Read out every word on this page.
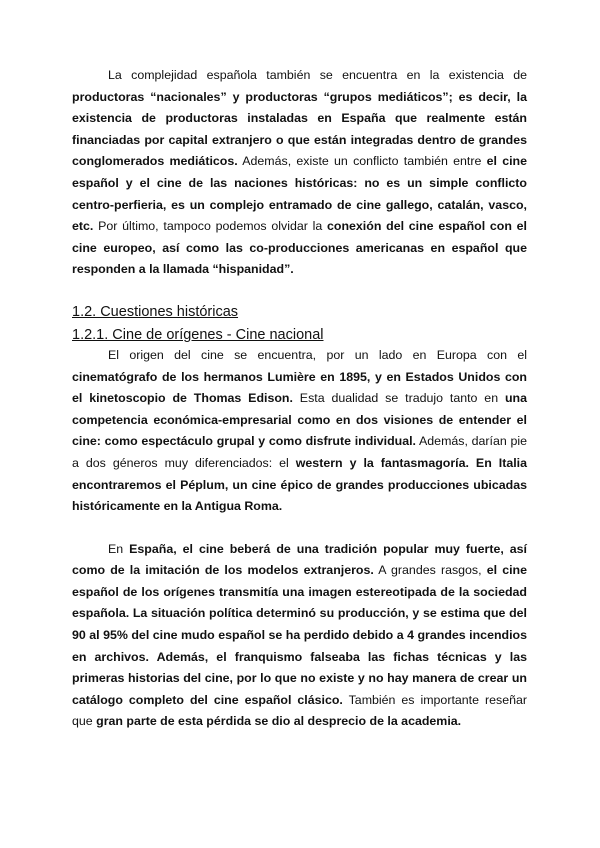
La complejidad española también se encuentra en la existencia de productoras “nacionales” y productoras “grupos mediáticos”; es decir, la existencia de productoras instaladas en España que realmente están financiadas por capital extranjero o que están integradas dentro de grandes conglomerados mediáticos. Además, existe un conflicto también entre el cine español y el cine de las naciones históricas: no es un simple conflicto centro-perfieria, es un complejo entramado de cine gallego, catalán, vasco, etc. Por último, tampoco podemos olvidar la conexión del cine español con el cine europeo, así como las co-producciones americanas en español que responden a la llamada “hispanidad”.

1.2. Cuestiones históricas
1.2.1. Cine de orígenes - Cine nacional

El origen del cine se encuentra, por un lado en Europa con el cinematógrafo de los hermanos Lumière en 1895, y en Estados Unidos con el kinetoscopio de Thomas Edison. Esta dualidad se tradujo tanto en una competencia económica-empresarial como en dos visiones de entender el cine: como espectáculo grupal y como disfrute individual. Además, darían pie a dos géneros muy diferenciados: el western y la fantasmagoría. En Italia encontraremos el Péplum, un cine épico de grandes producciones ubicadas históricamente en la Antigua Roma.

En España, el cine beberá de una tradición popular muy fuerte, así como de la imitación de los modelos extranjeros. A grandes rasgos, el cine español de los orígenes transmitía una imagen estereotipada de la sociedad española. La situación política determinó su producción, y se estima que del 90 al 95% del cine mudo español se ha perdido debido a 4 grandes incendios en archivos. Además, el franquismo falseaba las fichas técnicas y las primeras historias del cine, por lo que no existe y no hay manera de crear un catálogo completo del cine español clásico. También es importante reseñar que gran parte de esta pérdida se dio al desprecio de la academia.
